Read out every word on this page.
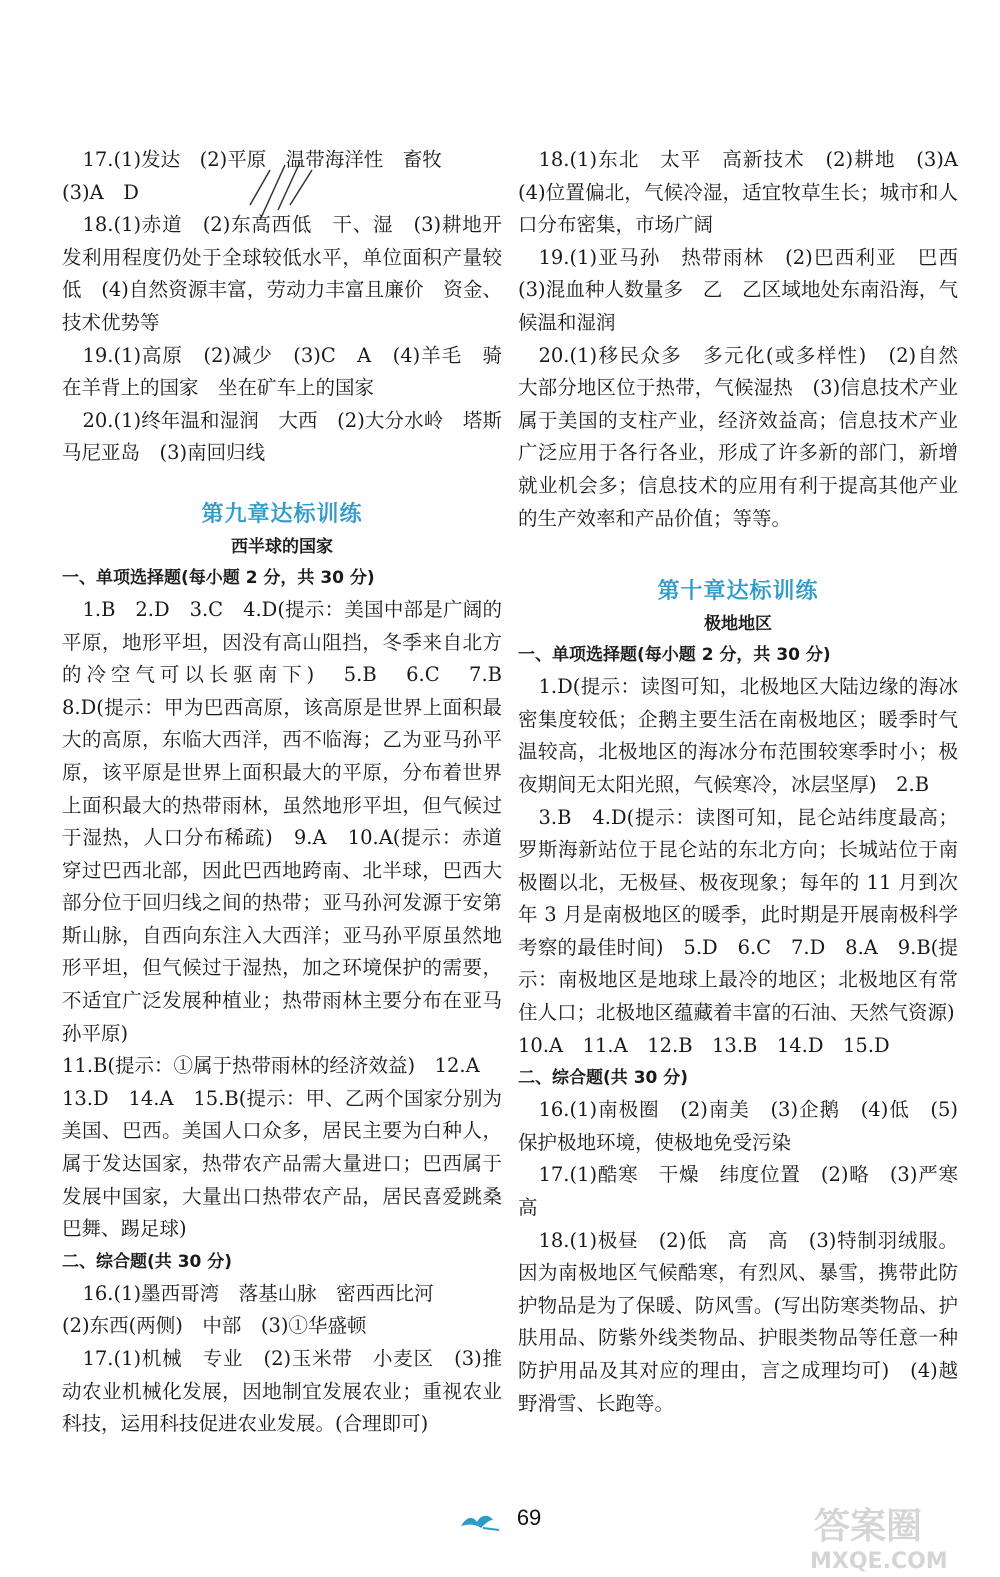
17.(1)发达　(2)平原　温带海洋性　畜牧

(3)A　D

18.(1)赤道　(2)东高西低　干、湿　(3)耕地开发利用程度仍处于全球较低水平，单位面积产量较低　(4)自然资源丰富，劳动力丰富且廉价　资金、技术优势等

19.(1)高原　(2)减少　(3)C　A　(4)羊毛　骑在羊背上的国家　坐在矿车上的国家

20.(1)终年温和湿润　大西　(2)大分水岭　塔斯马尼亚岛　(3)南回归线

第九章达标训练
西半球的国家

一、单项选择题(每小题 2 分，共 30 分)

1.B　2.D　3.C　4.D(提示：美国中部是广阔的平原，地形平坦，因没有高山阻挡，冬季来自北方的冷空气可以长驱南下)　5.B　6.C　7.B　8.D(提示：甲为巴西高原，该高原是世界上面积最大的高原，东临大西洋，西不临海；乙为亚马孙平原，该平原是世界上面积最大的平原，分布着世界上面积最大的热带雨林，虽然地形平坦，但气候过于湿热，人口分布稀疏)　9.A　10.A(提示：赤道穿过巴西北部，因此巴西地跨南、北半球，巴西大部分位于回归线之间的热带；亚马孙河发源于安第斯山脉，自西向东注入大西洋；亚马孙平原虽然地形平坦，但气候过于湿热，加之环境保护的需要，不适宜广泛发展种植业；热带雨林主要分布在亚马孙平原)

11.B(提示：①属于热带雨林的经济效益)　12.A

13.D　14.A　15.B(提示：甲、乙两个国家分别为美国、巴西。美国人口众多，居民主要为白种人，属于发达国家，热带农产品需大量进口；巴西属于发展中国家，大量出口热带农产品，居民喜爱跳桑巴舞、踢足球)

二、综合题(共 30 分)

16.(1)墨西哥湾　落基山脉　密西西比河

(2)东西(两侧)　中部　(3)①华盛顿

17.(1)机械　专业　(2)玉米带　小麦区　(3)推动农业机械化发展，因地制宜发展农业；重视农业科技，运用科技促进农业发展。(合理即可)

18.(1)东北　太平　高新技术　(2)耕地　(3)A　(4)位置偏北，气候冷湿，适宜牧草生长；城市和人口分布密集，市场广阔

19.(1)亚马孙　热带雨林　(2)巴西利亚　巴西　(3)混血种人数量多　乙　乙区域地处东南沿海，气候温和湿润

20.(1)移民众多　多元化(或多样性)　(2)自然　大部分地区位于热带，气候湿热　(3)信息技术产业属于美国的支柱产业，经济效益高；信息技术产业广泛应用于各行各业，形成了许多新的部门，新增就业机会多；信息技术的应用有利于提高其他产业的生产效率和产品价值；等等。

第十章达标训练
极地地区

一、单项选择题(每小题 2 分，共 30 分)

1.D(提示：读图可知，北极地区大陆边缘的海冰密集度较低；企鹅主要生活在南极地区；暖季时气温较高，北极地区的海冰分布范围较寒季时小；极夜期间无太阳光照，气候寒冷，冰层坚厚)　2.B

3.B　4.D(提示：读图可知，昆仑站纬度最高；罗斯海新站位于昆仑站的东北方向；长城站位于南极圈以北，无极昼、极夜现象；每年的 11 月到次年 3 月是南极地区的暖季，此时期是开展南极科学考察的最佳时间)　5.D　6.C　7.D　8.A　9.B(提示：南极地区是地球上最冷的地区；北极地区有常住人口；北极地区蕴藏着丰富的石油、天然气资源)

10.A　11.A　12.B　13.B　14.D　15.D

二、综合题(共 30 分)

16.(1)南极圈　(2)南美　(3)企鹅　(4)低　(5)保护极地环境，使极地免受污染

17.(1)酷寒　干燥　纬度位置　(2)略　(3)严寒　高

18.(1)极昼　(2)低　高　高　(3)特制羽绒服。因为南极地区气候酷寒，有烈风、暴雪，携带此防护物品是为了保暖、防风雪。(写出防寒类物品、护肤用品、防紫外线类物品、护眼类物品等任意一种防护用品及其对应的理由，言之成理均可)　(4)越野滑雪、长跑等。

69	答案圈
MXQE.COM
